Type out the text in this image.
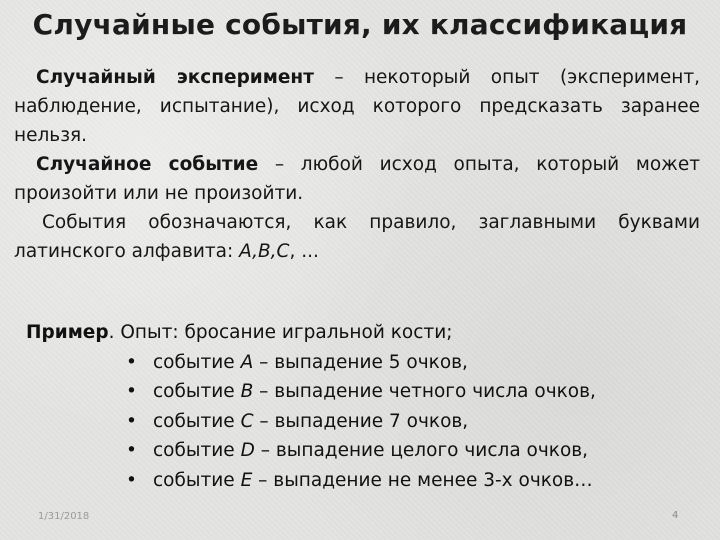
Случайные события, их классификация
Случайный эксперимент – некоторый опыт (эксперимент, наблюдение, испытание), исход которого предсказать заранее нельзя.
Случайное событие – любой исход опыта, который может произойти или не произойти.
События обозначаются, как правило, заглавными буквами латинского алфавита: A,B,C, ...
Пример. Опыт: бросание игральной кости;
• событие A – выпадение 5 очков,
• событие B – выпадение четного числа очков,
• событие C – выпадение 7 очков,
• событие D – выпадение целого числа очков,
• событие E – выпадение не менее 3-х очков…
1/31/2018	4
